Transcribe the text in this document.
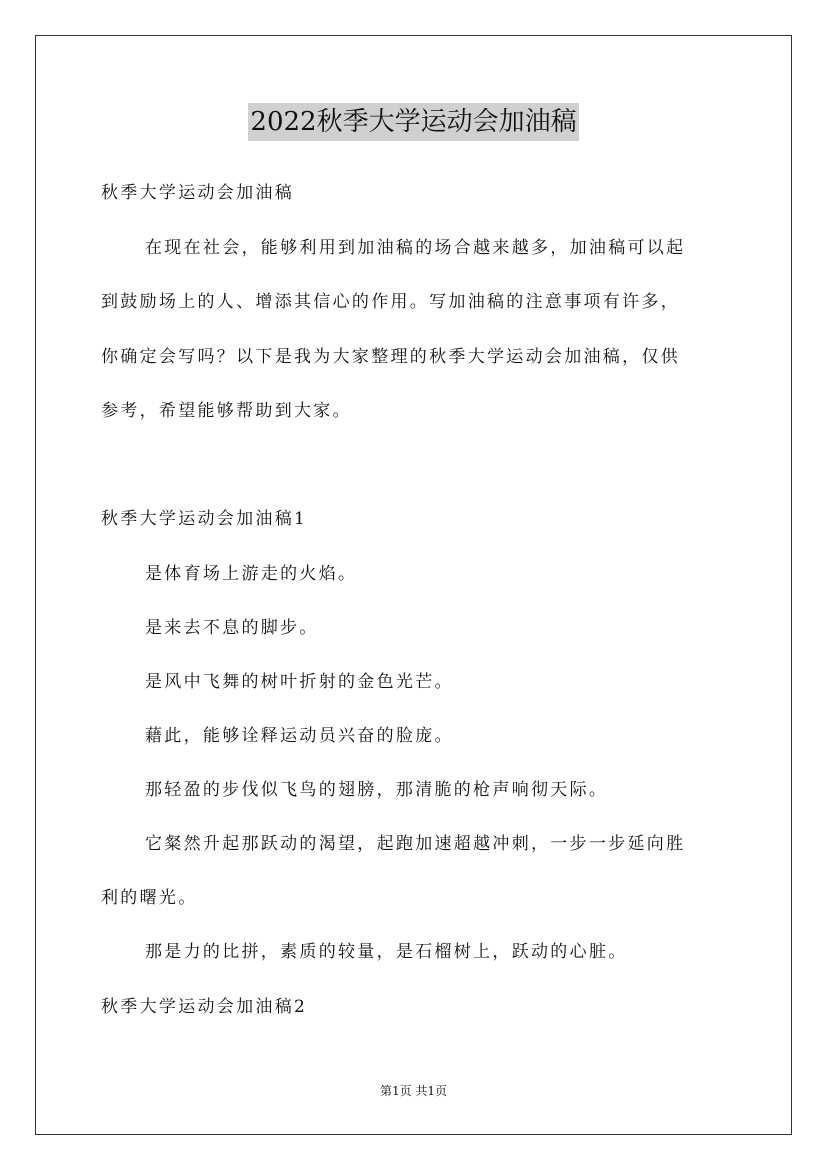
2022秋季大学运动会加油稿
秋季大学运动会加油稿
在现在社会，能够利用到加油稿的场合越来越多，加油稿可以起
到鼓励场上的人、增添其信心的作用。写加油稿的注意事项有许多，
你确定会写吗？以下是我为大家整理的秋季大学运动会加油稿，仅供
参考，希望能够帮助到大家。
秋季大学运动会加油稿1
是体育场上游走的火焰。
是来去不息的脚步。
是风中飞舞的树叶折射的金色光芒。
藉此，能够诠释运动员兴奋的脸庞。
那轻盈的步伐似飞鸟的翅膀，那清脆的枪声响彻天际。
它粲然升起那跃动的渴望，起跑加速超越冲刺，一步一步延向胜
利的曙光。
那是力的比拼，素质的较量，是石榴树上，跃动的心脏。
秋季大学运动会加油稿2
第1页 共1页
